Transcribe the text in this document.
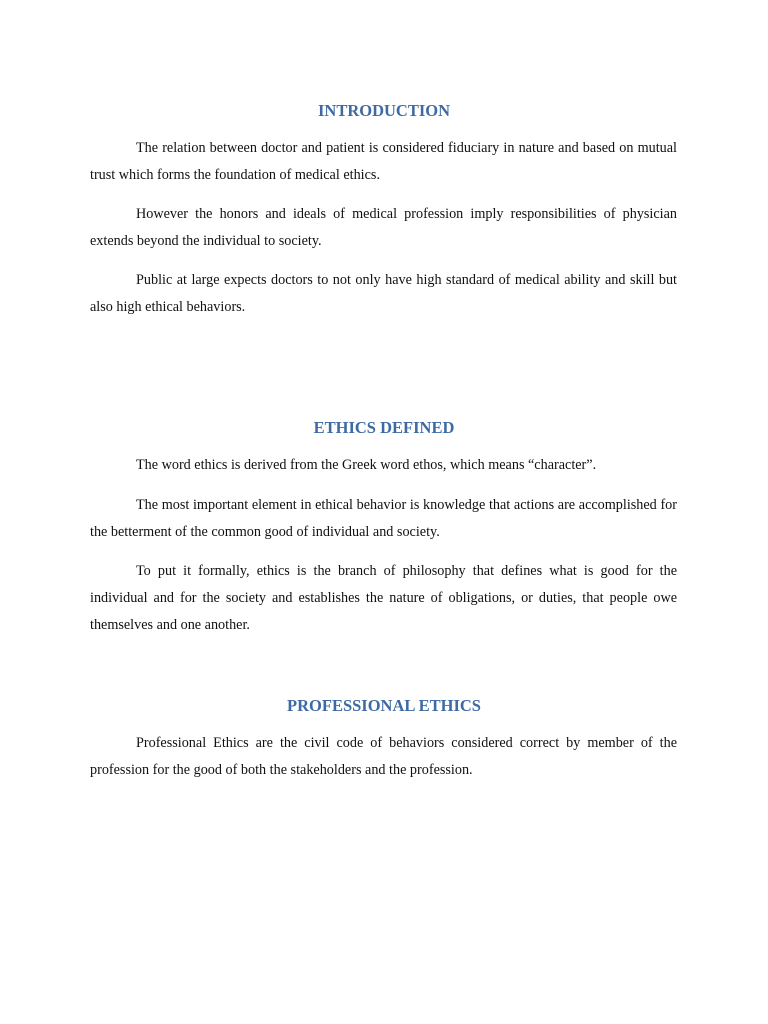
INTRODUCTION

The relation between doctor and patient is considered fiduciary in nature and based on mutual trust which forms the foundation of medical ethics.

However the honors and ideals of medical profession imply responsibilities of physician extends beyond the individual to society.

Public at large expects doctors to not only have high standard of medical ability and skill but also high ethical behaviors.

ETHICS DEFINED

The word ethics is derived from the Greek word ethos, which means “character”.

The most important element in ethical behavior is knowledge that actions are accomplished for the betterment of the common good of individual and society.

To put it formally, ethics is the branch of philosophy that defines what is good for the individual and for the society and establishes the nature of obligations, or duties, that people owe themselves and one another.

PROFESSIONAL ETHICS

Professional Ethics are the civil code of behaviors considered correct by member of the profession for the good of both the stakeholders and the profession.
